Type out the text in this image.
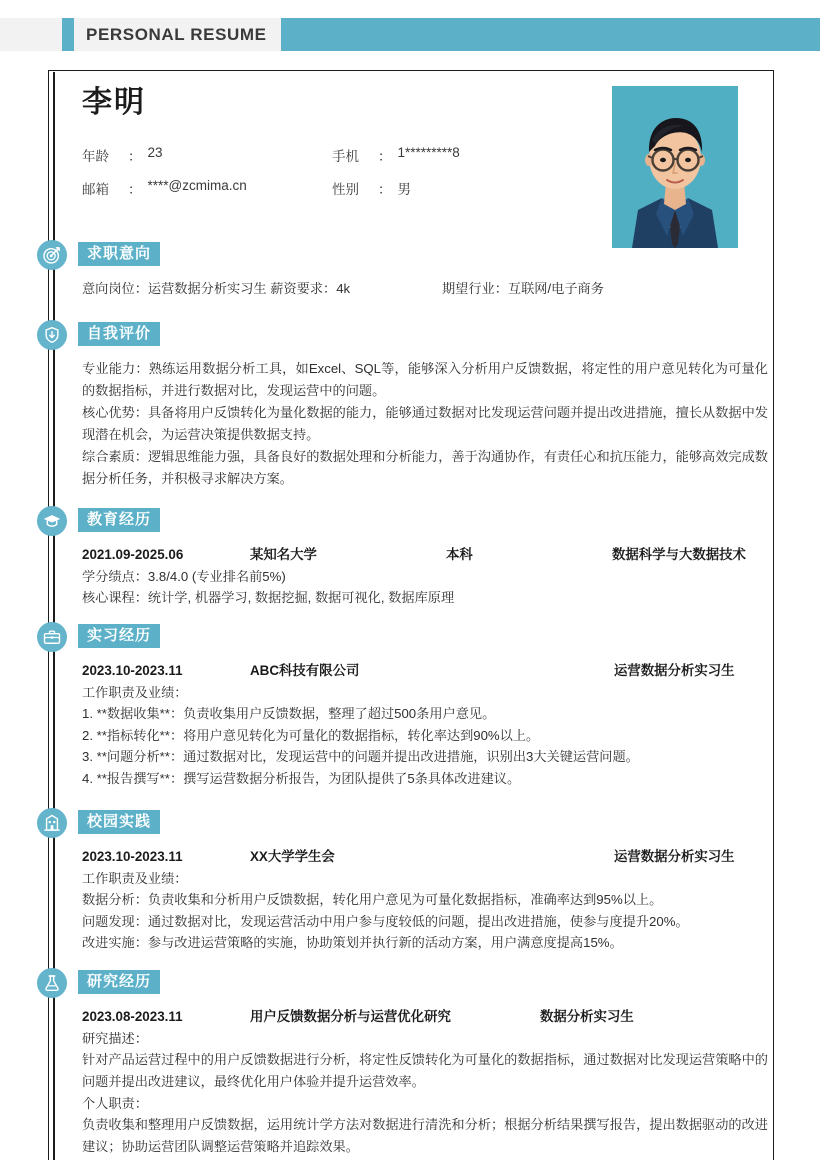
PERSONAL RESUME
李明
年龄	： 23	手机	： 1*********8
邮箱	： ****@zcmima.cn	性别	： 男
求职意向
意向岗位：运营数据分析实习生 薪资要求：4k	期望行业：互联网/电子商务
自我评价

专业能力：熟练运用数据分析工具，如Excel、SQL等，能够深入分析用户反馈数据，将定性的用户意见转化为可量化的数据指标，并进行数据对比，发现运营中的问题。

核心优势：具备将用户反馈转化为量化数据的能力，能够通过数据对比发现运营问题并提出改进措施，擅长从数据中发现潜在机会，为运营决策提供数据支持。

综合素质：逻辑思维能力强，具备良好的数据处理和分析能力，善于沟通协作，有责任心和抗压能力，能够高效完成数据分析任务，并积极寻求解决方案。

教育经历
2021.09-2025.06	某知名大学	本科	数据科学与大数据技术
学分绩点：3.8/4.0 (专业排名前5%)
核心课程：统计学, 机器学习, 数据挖掘, 数据可视化, 数据库原理
实习经历
2023.10-2023.11	ABC科技有限公司	运营数据分析实习生
工作职责及业绩：
1. **数据收集**：负责收集用户反馈数据，整理了超过500条用户意见。
2. **指标转化**：将用户意见转化为可量化的数据指标，转化率达到90%以上。
3. **问题分析**：通过数据对比，发现运营中的问题并提出改进措施，识别出3大关键运营问题。
4. **报告撰写**：撰写运营数据分析报告，为团队提供了5条具体改进建议。
校园实践
2023.10-2023.11	XX大学学生会	运营数据分析实习生
工作职责及业绩：
数据分析：负责收集和分析用户反馈数据，转化用户意见为可量化数据指标，准确率达到95%以上。
问题发现：通过数据对比，发现运营活动中用户参与度较低的问题，提出改进措施，使参与度提升20%。
改进实施：参与改进运营策略的实施，协助策划并执行新的活动方案，用户满意度提高15%。
研究经历
2023.08-2023.11	用户反馈数据分析与运营优化研究	数据分析实习生
研究描述：

针对产品运营过程中的用户反馈数据进行分析，将定性反馈转化为可量化的数据指标，通过数据对比发现运营策略中的问题并提出改进建议，最终优化用户体验并提升运营效率。

个人职责：

负责收集和整理用户反馈数据，运用统计学方法对数据进行清洗和分析；根据分析结果撰写报告，提出数据驱动的改进建议；协助运营团队调整运营策略并追踪效果。
